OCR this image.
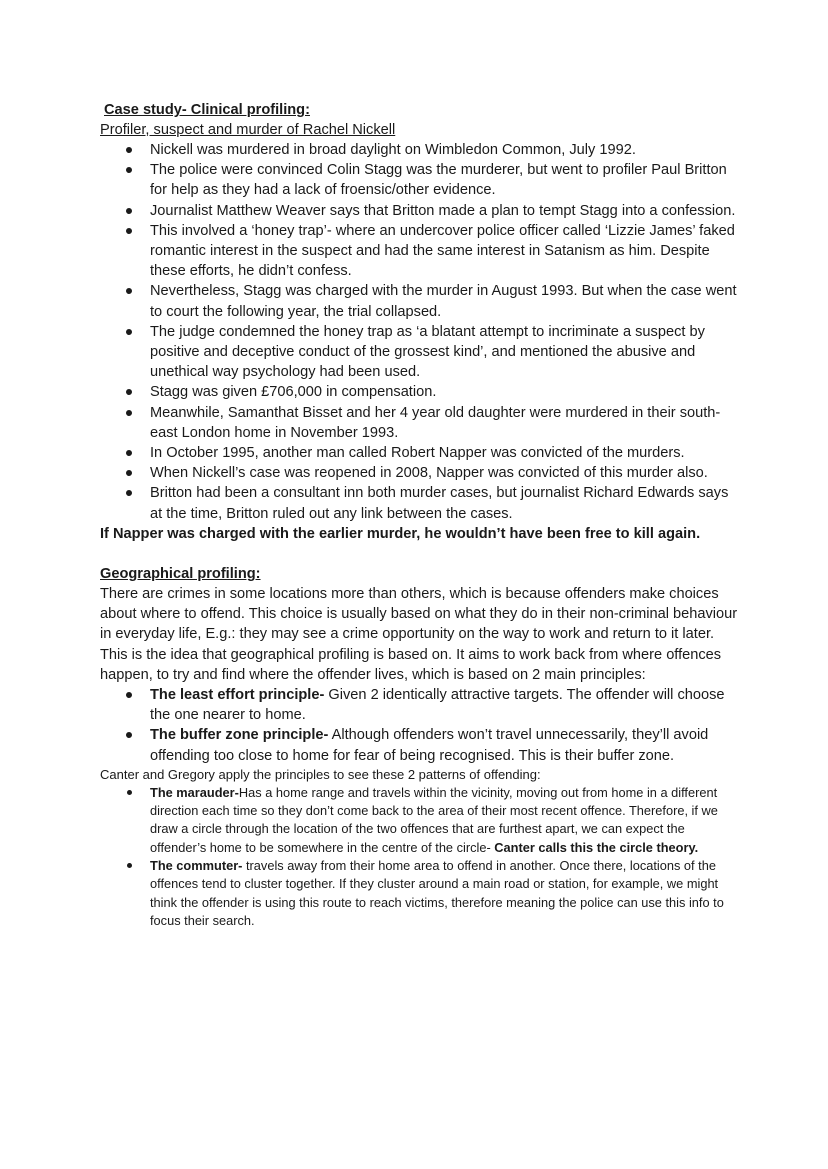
Case study- Clinical profiling:
Profiler, suspect and murder of Rachel Nickell
Nickell was murdered in broad daylight on Wimbledon Common, July 1992.
The police were convinced Colin Stagg was the murderer, but went to profiler Paul Britton for help as they had a lack of froensic/other evidence.
Journalist Matthew Weaver says that Britton made a plan to tempt Stagg into a confession.
This involved a ‘honey trap’- where an undercover police officer called ‘Lizzie James’ faked romantic interest in the suspect and had the same interest in Satanism as him. Despite these efforts, he didn’t confess.
Nevertheless, Stagg was charged with the murder in August 1993. But when the case went to court the following year, the trial collapsed.
The judge condemned the honey trap as ‘a blatant attempt to incriminate a suspect by positive and deceptive conduct of the grossest kind’, and mentioned the abusive and unethical way psychology had been used.
Stagg was given £706,000 in compensation.
Meanwhile, Samanthat Bisset and her 4 year old daughter were murdered in their south-east London home in November 1993.
In October 1995, another man called Robert Napper was convicted of the murders.
When Nickell’s case was reopened in 2008, Napper was convicted of this murder also.
Britton had been a consultant inn both murder cases, but journalist Richard Edwards says at the time, Britton ruled out any link between the cases.

If Napper was charged with the earlier murder, he wouldn’t have been free to kill again.

Geographical profiling:

There are crimes in some locations more than others, which is because offenders make choices about where to offend. This choice is usually based on what they do in their non-criminal behaviour in everyday life, E.g.: they may see a crime opportunity on the way to work and return to it later.

This is the idea that geographical profiling is based on. It aims to work back from where offences happen, to try and find where the offender lives, which is based on 2 main principles:

The least effort principle- Given 2 identically attractive targets. The offender will choose the one nearer to home.
The buffer zone principle- Although offenders won’t travel unnecessarily, they’ll avoid offending too close to home for fear of being recognised. This is their buffer zone.

Canter and Gregory apply the principles to see these 2 patterns of offending:

The marauder-Has a home range and travels within the vicinity, moving out from home in a different direction each time so they don’t come back to the area of their most recent offence. Therefore, if we draw a circle through the location of the two offences that are furthest apart, we can expect the offender’s home to be somewhere in the centre of the circle- Canter calls this the circle theory.
The commuter- travels away from their home area to offend in another. Once there, locations of the offences tend to cluster together. If they cluster around a main road or station, for example, we might think the offender is using this route to reach victims, therefore meaning the police can use this info to focus their search.
